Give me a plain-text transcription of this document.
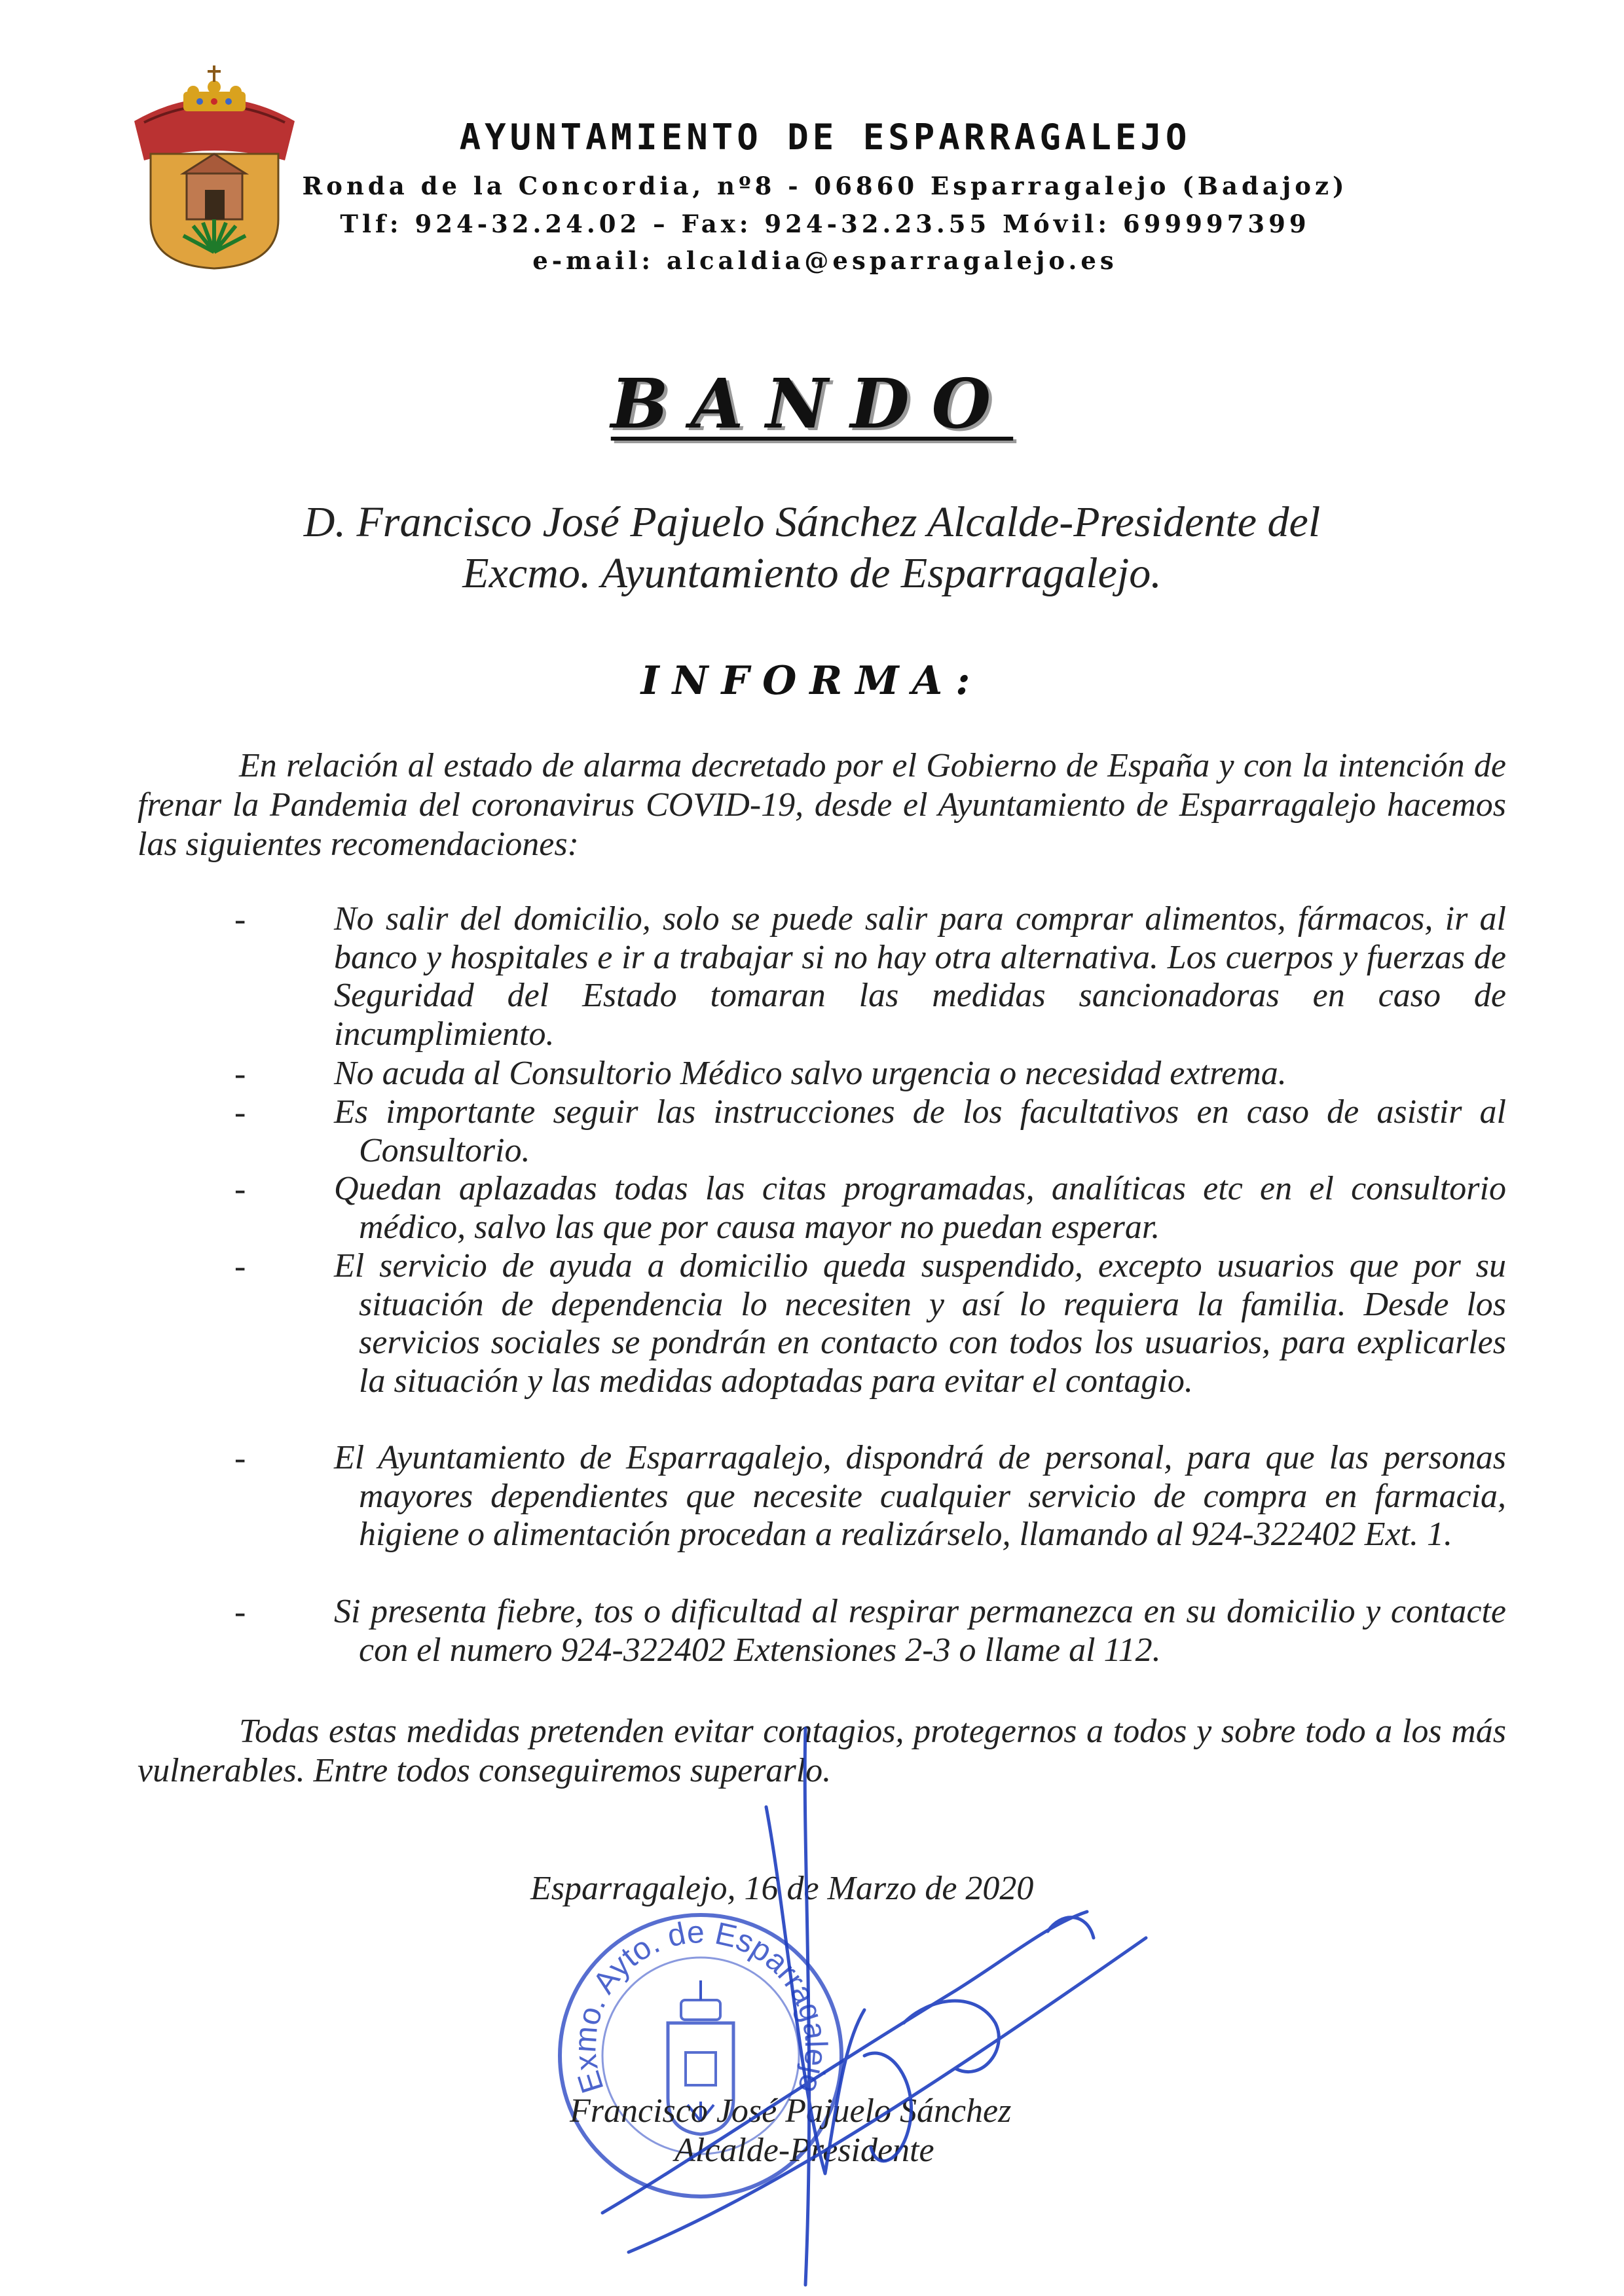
AYUNTAMIENTO DE ESPARRAGALEJO
Ronda de la Concordia, nº8 - 06860 Esparragalejo (Badajoz)
Tlf: 924-32.24.02 – Fax: 924-32.23.55 Móvil: 699997399
e-mail: alcaldia@esparragalejo.es
BANDO
D. Francisco José Pajuelo Sánchez Alcalde-Presidente del
Excmo. Ayuntamiento de Esparragalejo.
INFORMA:
En relación al estado de alarma decretado por el Gobierno de España y con la intención de frenar la Pandemia del coronavirus COVID-19, desde el Ayuntamiento de Esparragalejo hacemos las siguientes recomendaciones:
-	No salir del domicilio, solo se puede salir para comprar alimentos, fármacos, ir al banco y hospitales e ir a trabajar si no hay otra alternativa. Los cuerpos y fuerzas de Seguridad del Estado tomaran las medidas sancionadoras en caso de incumplimiento.
-	No acuda al Consultorio Médico salvo urgencia o necesidad extrema.
-	Es importante seguir las instrucciones de los facultativos en caso de asistir al Consultorio.
-	Quedan aplazadas todas las citas programadas, analíticas etc en el consultorio médico, salvo las que por causa mayor no puedan esperar.
-	El servicio de ayuda a domicilio queda suspendido, excepto usuarios que por su situación de dependencia lo necesiten y así lo requiera la familia. Desde los servicios sociales se pondrán en contacto con todos los usuarios, para explicarles la situación y las medidas adoptadas para evitar el contagio.
-	El Ayuntamiento de Esparragalejo, dispondrá de personal, para que las personas mayores dependientes que necesite cualquier servicio de compra en farmacia, higiene o alimentación procedan a realizárselo, llamando al 924-322402 Ext. 1.
-	Si presenta fiebre, tos o dificultad al respirar permanezca en su domicilio y contacte con el numero 924-322402 Extensiones 2-3 o llame al 112.
Todas estas medidas pretenden evitar contagios, protegernos a todos y sobre todo a los más vulnerables. Entre todos conseguiremos superarlo.
Esparragalejo, 16 de Marzo de 2020
Exmo. Ayto. de Esparragalejo
Francisco José Pajuelo Sánchez
Alcalde-Presidente
